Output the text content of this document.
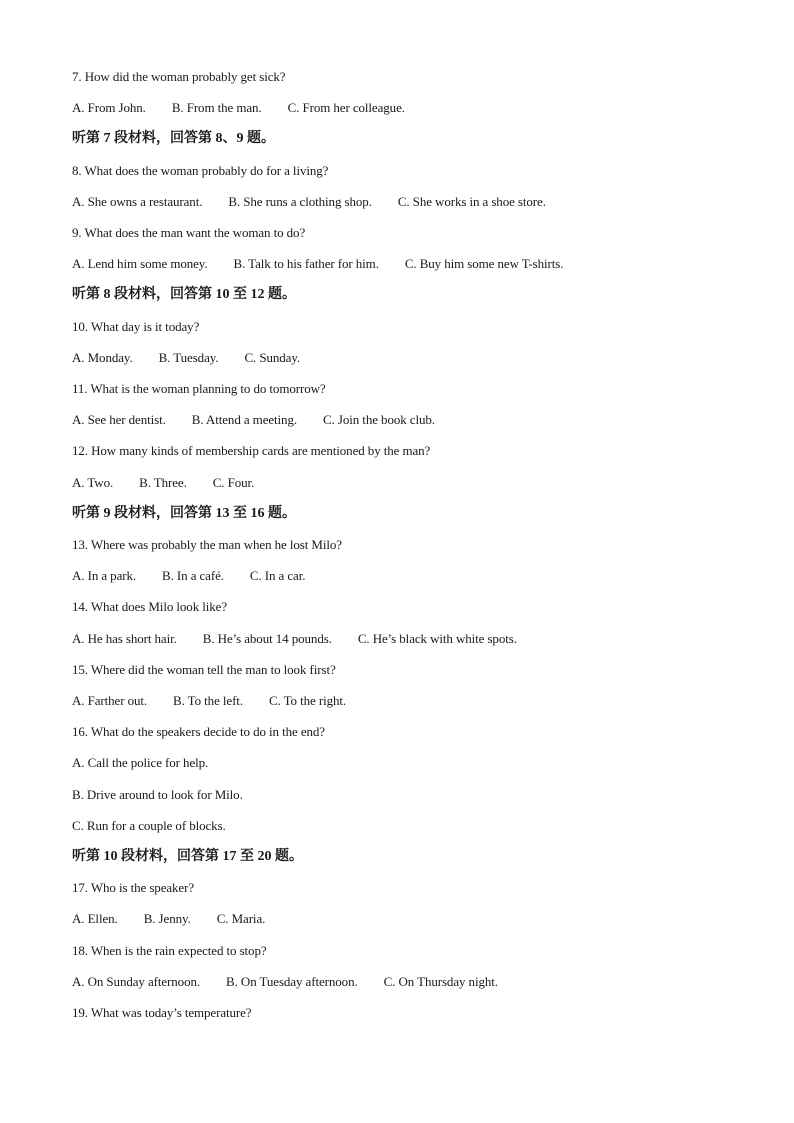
7. How did the woman probably get sick?
A. From John. B. From the man. C. From her colleague.
听第 7 段材料，回答第 8、9 题。
8. What does the woman probably do for a living?
A. She owns a restaurant. B. She runs a clothing shop. C. She works in a shoe store.
9. What does the man want the woman to do?
A. Lend him some money. B. Talk to his father for him. C. Buy him some new T-shirts.
听第 8 段材料，回答第 10 至 12 题。
10. What day is it today?
A. Monday. B. Tuesday. C. Sunday.
11. What is the woman planning to do tomorrow?
A. See her dentist. B. Attend a meeting. C. Join the book club.
12. How many kinds of membership cards are mentioned by the man?
A. Two. B. Three. C. Four.
听第 9 段材料，回答第 13 至 16 题。
13. Where was probably the man when he lost Milo?
A. In a park. B. In a café. C. In a car.
14. What does Milo look like?
A. He has short hair. B. He’s about 14 pounds. C. He’s black with white spots.
15. Where did the woman tell the man to look first?
A. Farther out. B. To the left. C. To the right.
16. What do the speakers decide to do in the end?
A. Call the police for help.
B. Drive around to look for Milo.
C. Run for a couple of blocks.
听第 10 段材料，回答第 17 至 20 题。
17. Who is the speaker?
A. Ellen. B. Jenny. C. Maria.
18. When is the rain expected to stop?
A. On Sunday afternoon. B. On Tuesday afternoon. C. On Thursday night.
19. What was today’s temperature?
